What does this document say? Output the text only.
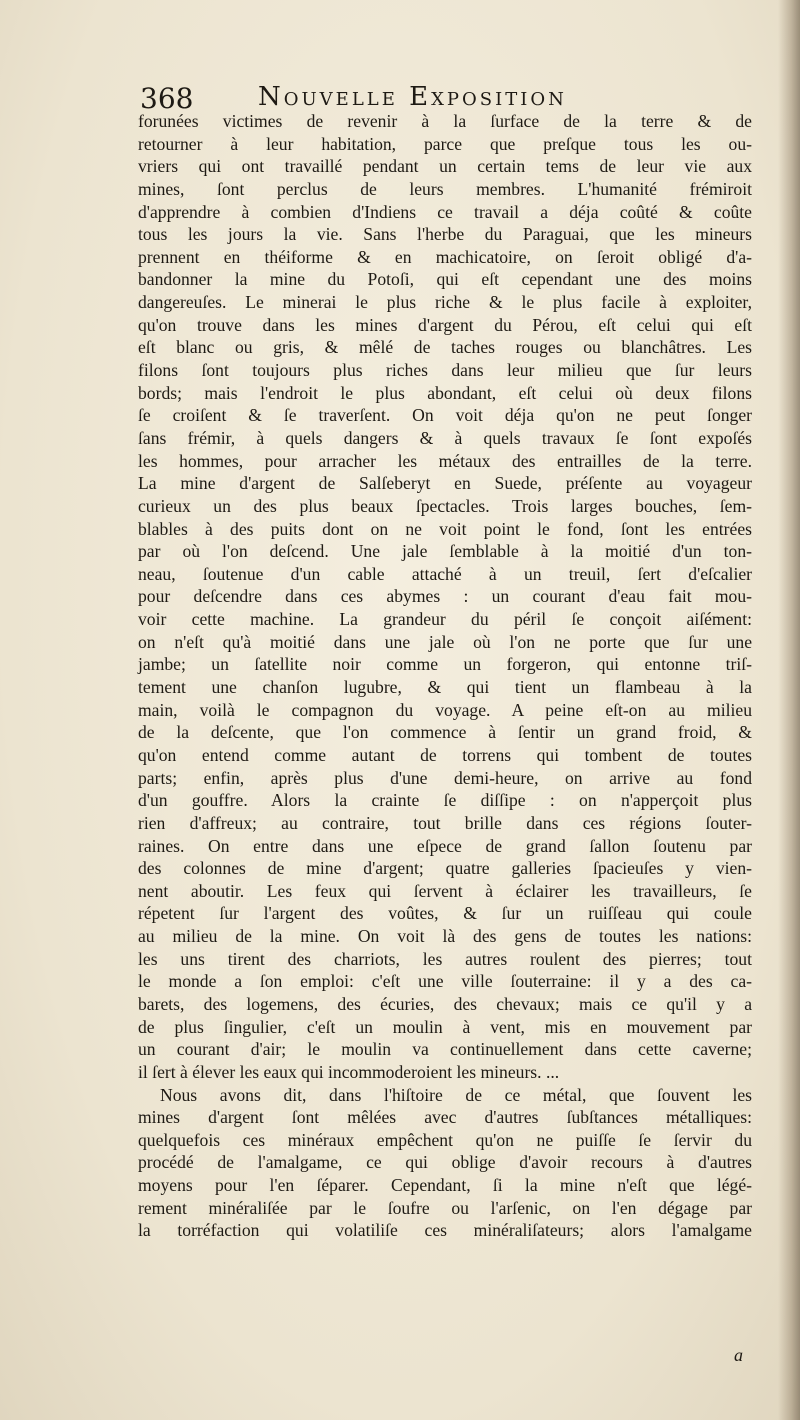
368 Nouvelle Exposition
forunées victimes de revenir à la ſurface de la terre & de
retourner à leur habitation, parce que preſque tous les ou-
vriers qui ont travaillé pendant un certain tems de leur vie aux
mines, ſont perclus de leurs membres. L'humanité frémiroit
d'apprendre à combien d'Indiens ce travail a déja coûté & coûte
tous les jours la vie. Sans l'herbe du Paraguai, que les mineurs
prennent en théiforme & en machicatoire, on ſeroit obligé d'a-
bandonner la mine du Potoſi, qui eſt cependant une des moins
dangereuſes. Le minerai le plus riche & le plus facile à exploiter,
qu'on trouve dans les mines d'argent du Pérou, eſt celui qui eſt
eſt blanc ou gris, & mêlé de taches rouges ou blanchâtres. Les
filons ſont toujours plus riches dans leur milieu que ſur leurs
bords; mais l'endroit le plus abondant, eſt celui où deux filons
ſe croiſent & ſe traverſent. On voit déja qu'on ne peut ſonger
ſans frémir, à quels dangers & à quels travaux ſe ſont expoſés
les hommes, pour arracher les métaux des entrailles de la terre.
La mine d'argent de Salſeberyt en Suede, préſente au voyageur
curieux un des plus beaux ſpectacles. Trois larges bouches, ſem-
blables à des puits dont on ne voit point le fond, ſont les entrées
par où l'on deſcend. Une jale ſemblable à la moitié d'un ton-
neau, ſoutenue d'un cable attaché à un treuil, ſert d'eſcalier
pour deſcendre dans ces abymes : un courant d'eau fait mou-
voir cette machine. La grandeur du péril ſe conçoit aiſément:
on n'eſt qu'à moitié dans une jale où l'on ne porte que ſur une
jambe; un ſatellite noir comme un forgeron, qui entonne triſ-
tement une chanſon lugubre, & qui tient un flambeau à la
main, voilà le compagnon du voyage. A peine eſt-on au milieu
de la deſcente, que l'on commence à ſentir un grand froid, &
qu'on entend comme autant de torrens qui tombent de toutes
parts; enfin, après plus d'une demi-heure, on arrive au fond
d'un gouffre. Alors la crainte ſe diſſipe : on n'apperçoit plus
rien d'affreux; au contraire, tout brille dans ces régions ſouter-
raines. On entre dans une eſpece de grand ſallon ſoutenu par
des colonnes de mine d'argent; quatre galleries ſpacieuſes y vien-
nent aboutir. Les feux qui ſervent à éclairer les travailleurs, ſe
répetent ſur l'argent des voûtes, & ſur un ruiſſeau qui coule
au milieu de la mine. On voit là des gens de toutes les nations:
les uns tirent des charriots, les autres roulent des pierres; tout
le monde a ſon emploi: c'eſt une ville ſouterraine: il y a des ca-
barets, des logemens, des écuries, des chevaux; mais ce qu'il y a
de plus ſingulier, c'eſt un moulin à vent, mis en mouvement par
un courant d'air; le moulin va continuellement dans cette caverne;
il ſert à élever les eaux qui incommoderoient les mineurs. ...
Nous avons dit, dans l'hiſtoire de ce métal, que ſouvent les
mines d'argent ſont mêlées avec d'autres ſubſtances métalliques:
quelquefois ces minéraux empêchent qu'on ne puiſſe ſe ſervir du
procédé de l'amalgame, ce qui oblige d'avoir recours à d'autres
moyens pour l'en ſéparer. Cependant, ſi la mine n'eſt que légé-
rement minéraliſée par le ſoufre ou l'arſenic, on l'en dégage par
la torréfaction qui volatiliſe ces minéraliſateurs; alors l'amalgame
a
